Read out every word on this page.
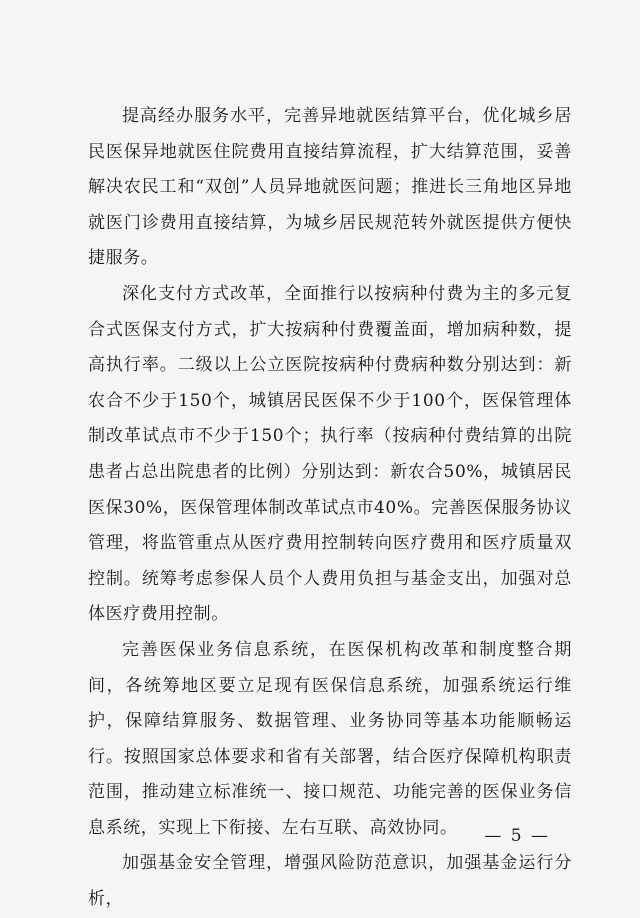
提高经办服务水平，完善异地就医结算平台，优化城乡居民医保异地就医住院费用直接结算流程，扩大结算范围，妥善解决农民工和“双创”人员异地就医问题；推进长三角地区异地就医门诊费用直接结算，为城乡居民规范转外就医提供方便快捷服务。

深化支付方式改革，全面推行以按病种付费为主的多元复合式医保支付方式，扩大按病种付费覆盖面，增加病种数，提高执行率。二级以上公立医院按病种付费病种数分别达到：新农合不少于150个，城镇居民医保不少于100个，医保管理体制改革试点市不少于150个；执行率（按病种付费结算的出院患者占总出院患者的比例）分别达到：新农合50%，城镇居民医保30%，医保管理体制改革试点市40%。完善医保服务协议管理，将监管重点从医疗费用控制转向医疗费用和医疗质量双控制。统筹考虑参保人员个人费用负担与基金支出，加强对总体医疗费用控制。

完善医保业务信息系统，在医保机构改革和制度整合期间，各统筹地区要立足现有医保信息系统，加强系统运行维护，保障结算服务、数据管理、业务协同等基本功能顺畅运行。按照国家总体要求和省有关部署，结合医疗保障机构职责范围，推动建立标准统一、接口规范、功能完善的医保业务信息系统，实现上下衔接、左右互联、高效协同。

加强基金安全管理，增强风险防范意识，加强基金运行分析，

— 5 —
